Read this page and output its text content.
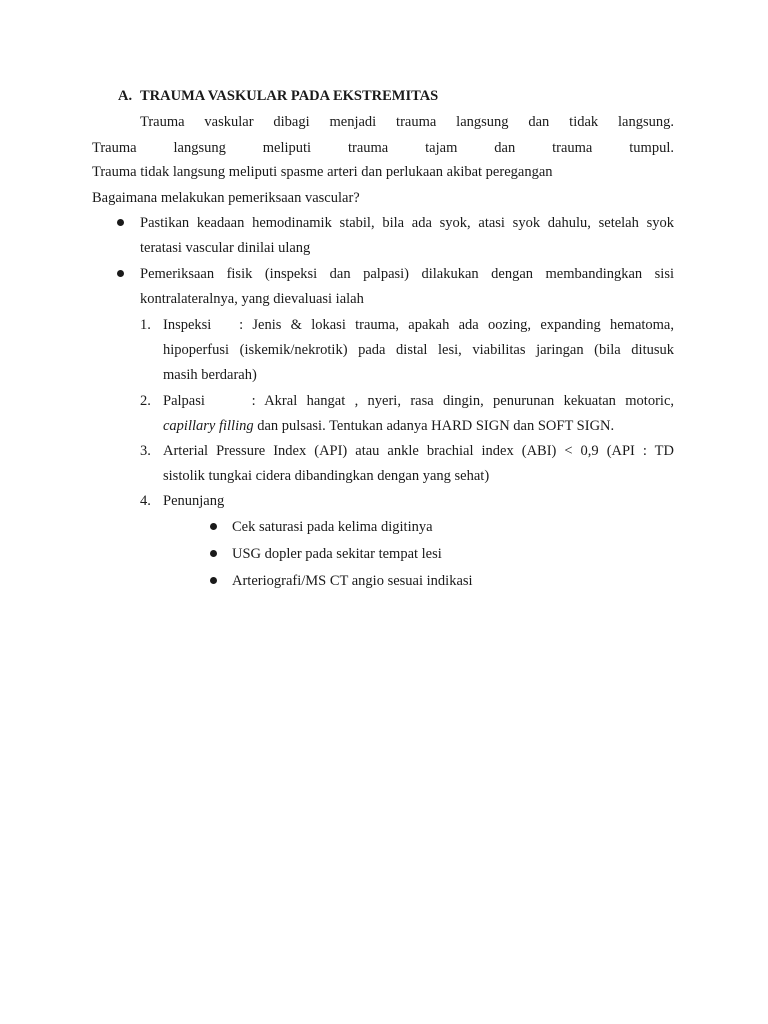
A. TRAUMA VASKULAR PADA EKSTREMITAS
Trauma vaskular dibagi menjadi trauma langsung dan tidak langsung.
Trauma langsung meliputi trauma tajam dan trauma tumpul.
Trauma tidak langsung meliputi spasme arteri dan perlukaan akibat peregangan
Bagaimana melakukan pemeriksaan vascular?
Pastikan keadaan hemodinamik stabil, bila ada syok, atasi syok dahulu, setelah syok
teratasi vascular dinilai ulang
Pemeriksaan fisik (inspeksi dan palpasi) dilakukan dengan membandingkan sisi
kontralateralnya, yang dievaluasi ialah
1. Inspeksi   : Jenis & lokasi trauma, apakah ada oozing, expanding hematoma,
hipoperfusi (iskemik/nekrotik) pada distal lesi, viabilitas jaringan (bila ditusuk
masih berdarah)
2. Palpasi     : Akral hangat , nyeri, rasa dingin, penurunan kekuatan motoric,
capillary filling dan pulsasi. Tentukan adanya HARD SIGN dan SOFT SIGN.
3. Arterial Pressure Index (API) atau ankle brachial index (ABI) < 0,9 (API : TD
sistolik tungkai cidera dibandingkan dengan yang sehat)
4. Penunjang
Cek saturasi pada kelima digitinya
USG dopler pada sekitar tempat lesi
Arteriografi/MS CT angio sesuai indikasi
